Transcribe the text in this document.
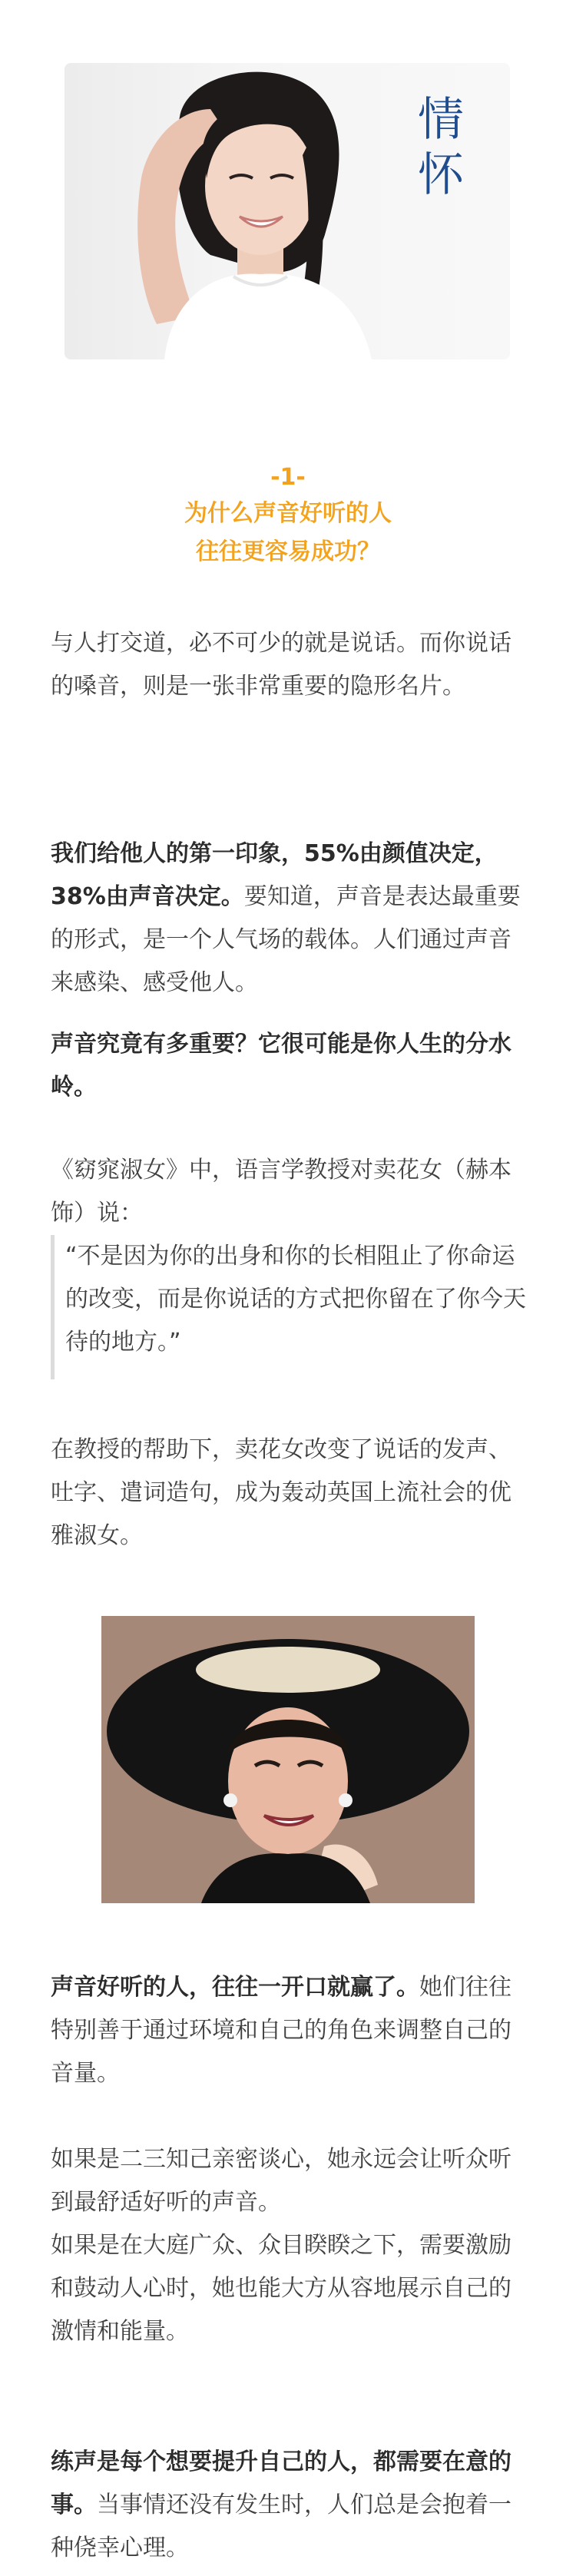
情
怀
-1-
为什么声音好听的人
往往更容易成功？
与人打交道，必不可少的就是说话。而你说话的嗓音，则是一张非常重要的隐形名片。
我们给他人的第一印象，55%由颜值决定，38%由声音决定。要知道，声音是表达最重要的形式，是一个人气场的载体。人们通过声音来感染、感受他人。
声音究竟有多重要？它很可能是你人生的分水岭。
《窈窕淑女》中，语言学教授对卖花女（赫本饰）说：
“不是因为你的出身和你的长相阻止了你命运的改变，而是你说话的方式把你留在了你今天待的地方。”
在教授的帮助下，卖花女改变了说话的发声、吐字、遣词造句，成为轰动英国上流社会的优雅淑女。
声音好听的人，往往一开口就赢了。她们往往特别善于通过环境和自己的角色来调整自己的音量。
如果是二三知己亲密谈心，她永远会让听众听到最舒适好听的声音。
如果是在大庭广众、众目睽睽之下，需要激励和鼓动人心时，她也能大方从容地展示自己的激情和能量。
练声是每个想要提升自己的人，都需要在意的事。当事情还没有发生时，人们总是会抱着一种侥幸心理。
